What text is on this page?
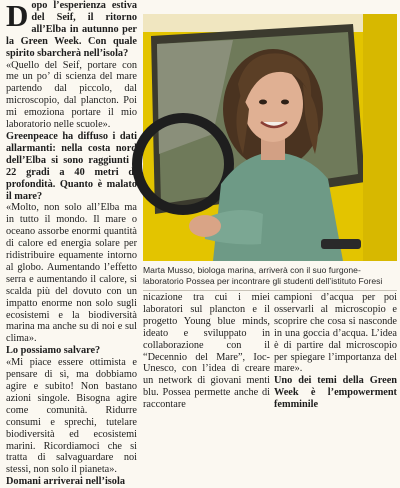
D opo l’esperienza estiva del Seif, il ritorno all’Elba in autunno per la Green Week. Con quale spirito sbarcherà nell’isola?

«Quello del Seif, portare con me un po’ di scienza del mare partendo dal piccolo, dal microscopio, dal plancton. Poi mi emoziona portare il mio laboratorio nelle scuole».

Greenpeace ha diffuso i dati allarmanti: nella costa nord dell’Elba si sono raggiunti i 22 gradi a 40 metri di profondità. Quanto è malato il mare?

«Molto, non solo all’Elba ma in tutto il mondo. Il mare o oceano assorbe enormi quantità di calore ed energia solare per ridistribuire equamente intorno al globo. Aumentando l’effetto serra e aumentando il calore, si scalda più del dovuto con un impatto enorme non solo sugli ecosistemi e la biodiversità marina ma anche su di noi e sul clima».

Lo possiamo salvare?

«Mi piace essere ottimista e pensare di sì, ma dobbiamo agire e subito! Non bastano azioni singole. Bisogna agire come comunità. Ridurre consumi e sprechi, tutelare biodiversità ed ecosistemi marini. Ricordiamoci che si tratta di salvaguardare noi stessi, non solo il pianeta».

Domani arriverai nell’isola

Marta Musso, biologa marina, arriverà con il suo furgone-laboratorio Possea per incontrare gli studenti dell’istituto Foresi

nicazione tra cui i miei laboratori sul plancton e il progetto Young blue minds, ideato e sviluppato in collaborazione con il “Decennio del Mare”, Ioc-Unesco, con l’idea di creare un network di giovani menti blu. Possea permette anche di raccontare

campioni d’acqua per poi osservarli al microscopio e scoprire che cosa si nasconde in una goccia d’acqua. L’idea è di partire dal microscopio per spiegare l’importanza del mare».

Uno dei temi della Green Week è l’empowerment femminile
